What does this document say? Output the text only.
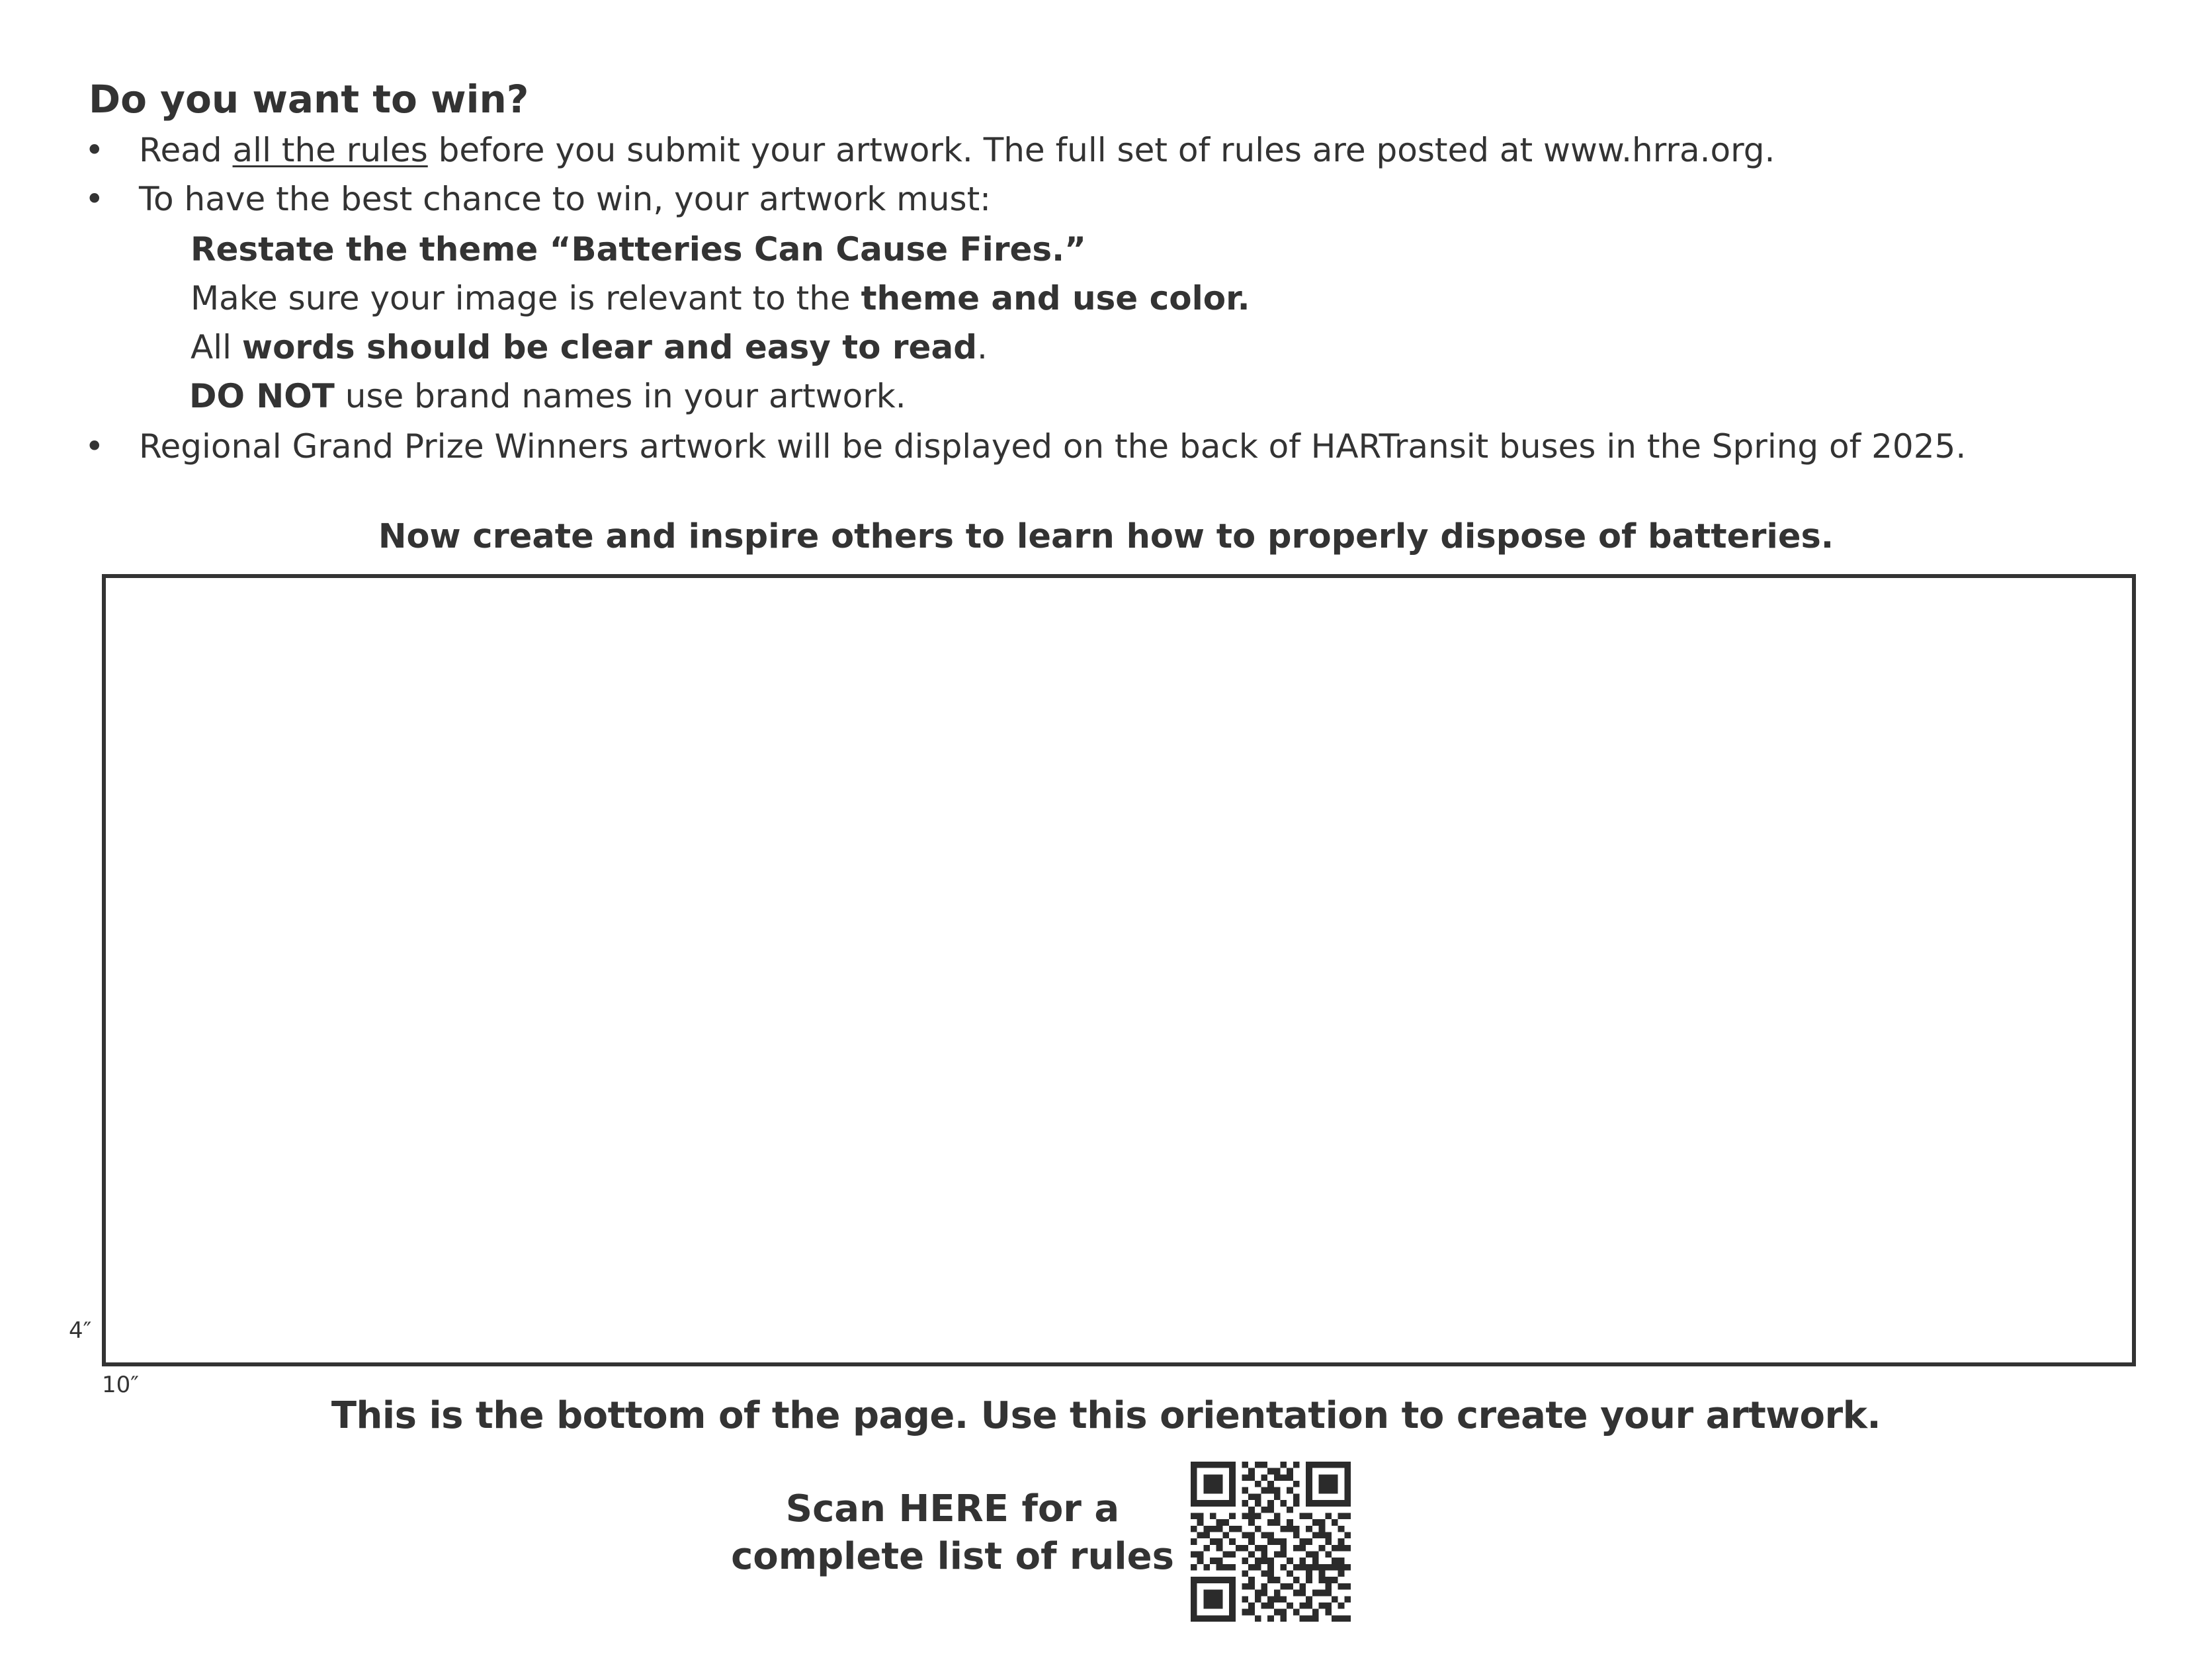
Do you want to win?
• Read all the rules before you submit your artwork. The full set of rules are posted at www.hrra.org.
• To have the best chance to win, your artwork must:
Restate the theme “Batteries Can Cause Fires.”
Make sure your image is relevant to the theme and use color.
All words should be clear and easy to read.
DO NOT use brand names in your artwork.
• Regional Grand Prize Winners artwork will be displayed on the back of HARTransit buses in the Spring of 2025.
Now create and inspire others to learn how to properly dispose of batteries.
4″
10″
This is the bottom of the page. Use this orientation to create your artwork.
Scan HERE for a
complete list of rules
